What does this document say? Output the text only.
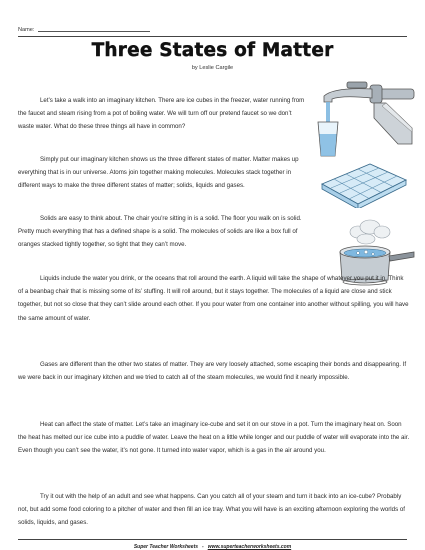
Name:
Three States of Matter
by Leslie Cargile

Let’s take a walk into an imaginary kitchen. There are ice cubes in the freezer, water running from the faucet and steam rising from a pot of boiling water. We will turn off our pretend faucet so we don’t waste water. What do these three things all have in common?

Simply put our imaginary kitchen shows us the three different states of matter. Matter makes up everything that is in our universe. Atoms join together making molecules. Molecules stack together in different ways to make the three different states of matter; solids, liquids and gases.

Solids are easy to think about. The chair you’re sitting in is a solid. The floor you walk on is solid. Pretty much everything that has a defined shape is a solid. The molecules of solids are like a box full of oranges stacked tightly together, so tight that they can’t move.

Liquids include the water you drink, or the oceans that roll around the earth. A liquid will take the shape of whatever you put it in. Think of a beanbag chair that is missing some of its’ stuffing. It will roll around, but it stays together. The molecules of a liquid are close and stick together, but not so close that they can’t slide around each other. If you pour water from one container into another without spilling, you will have the same amount of water.

Gases are different than the other two states of matter. They are very loosely attached, some escaping their bonds and disappearing. If we were back in our imaginary kitchen and we tried to catch all of the steam molecules, we would find it nearly impossible.

Heat can affect the state of matter. Let’s take an imaginary ice-cube and set it on our stove in a pot. Turn the imaginary heat on. Soon the heat has melted our ice cube into a puddle of water. Leave the heat on a little while longer and our puddle of water will evaporate into the air. Even though you can’t see the water, it’s not gone. It turned into water vapor, which is a gas in the air around you.

Try it out with the help of an adult and see what happens. Can you catch all of your steam and turn it back into an ice-cube? Probably not, but add some food coloring to a pitcher of water and then fill an ice tray. What you will have is an exciting afternoon exploring the worlds of solids, liquids, and gases.

Super Teacher Worksheets - www.superteacherworksheets.com
